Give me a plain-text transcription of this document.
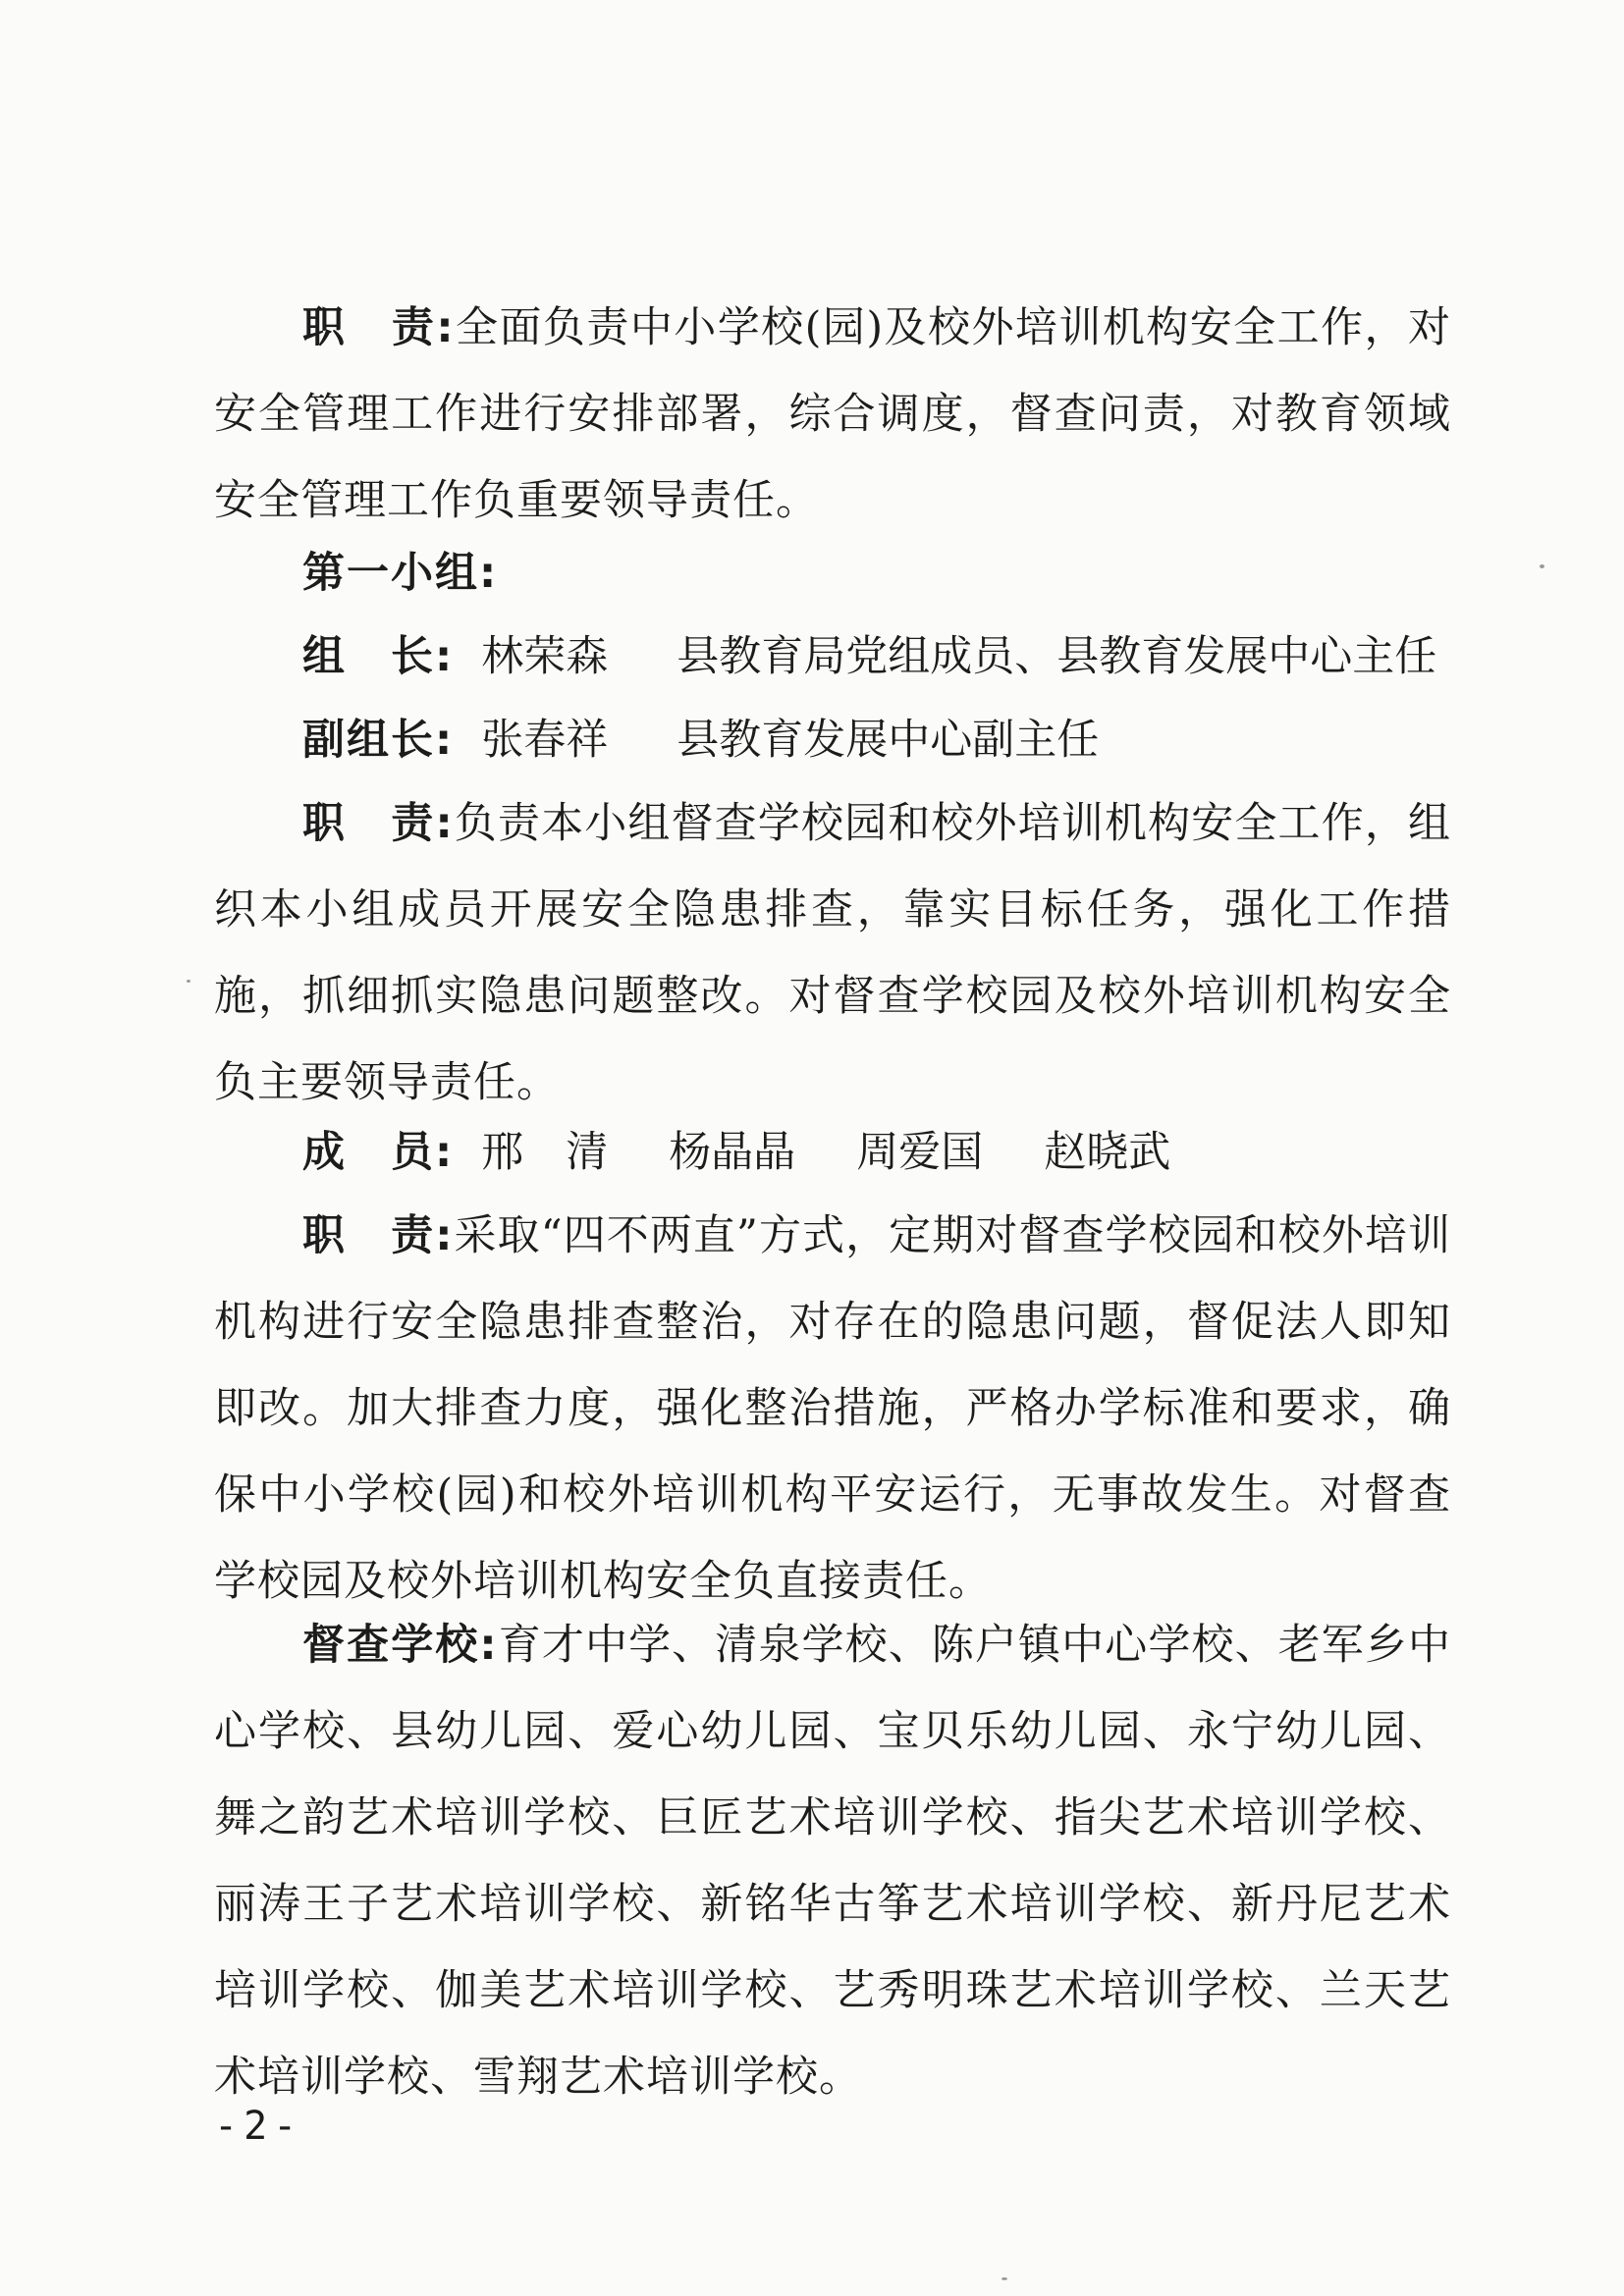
职　责:全面负责中小学校(园)及校外培训机构安全工作，对安全管理工作进行安排部署，综合调度，督查问责，对教育领域安全管理工作负重要领导责任。

第一小组:

组　长: 林荣森 县教育局党组成员、县教育发展中心主任

副组长: 张春祥 县教育发展中心副主任

职　责:负责本小组督查学校园和校外培训机构安全工作，组织本小组成员开展安全隐患排查，靠实目标任务，强化工作措施，抓细抓实隐患问题整改。对督查学校园及校外培训机构安全负主要领导责任。

成　员: 邢　清 杨晶晶 周爱国 赵晓武

职　责:采取“四不两直”方式，定期对督查学校园和校外培训机构进行安全隐患排查整治，对存在的隐患问题，督促法人即知即改。加大排查力度，强化整治措施，严格办学标准和要求，确保中小学校(园)和校外培训机构平安运行，无事故发生。对督查学校园及校外培训机构安全负直接责任。

督查学校:育才中学、清泉学校、陈户镇中心学校、老军乡中心学校、县幼儿园、爱心幼儿园、宝贝乐幼儿园、永宁幼儿园、舞之韵艺术培训学校、巨匠艺术培训学校、指尖艺术培训学校、丽涛王子艺术培训学校、新铭华古筝艺术培训学校、新丹尼艺术培训学校、伽美艺术培训学校、艺秀明珠艺术培训学校、兰天艺术培训学校、雪翔艺术培训学校。

-2-
